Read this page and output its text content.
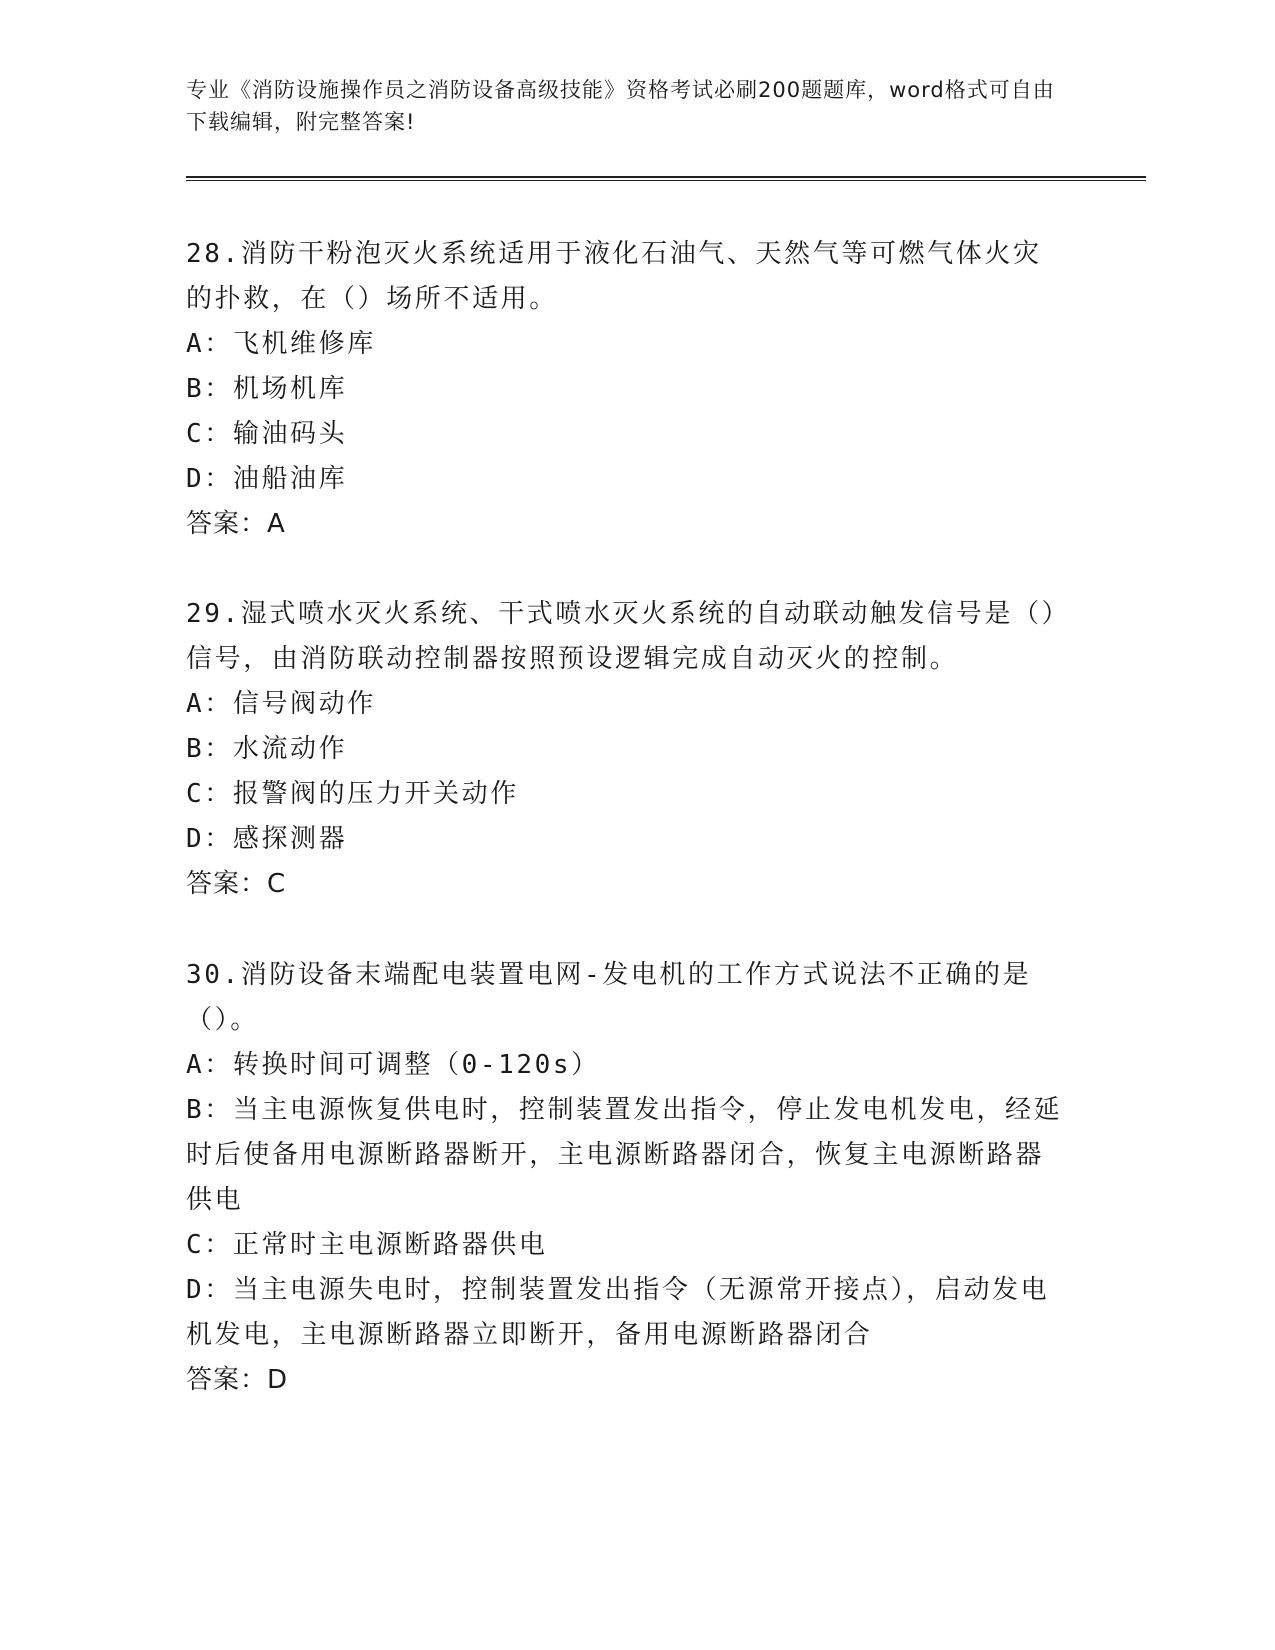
专业《消防设施操作员之消防设备高级技能》资格考试必刷200题题库，word格式可自由下载编辑，附完整答案!

28.消防干粉泡灭火系统适用于液化石油气、天然气等可燃气体火灾的扑救，在（）场所不适用。

A：飞机维修库

B：机场机库

C：输油码头

D：油船油库

答案：A

29.湿式喷水灭火系统、干式喷水灭火系统的自动联动触发信号是（）信号，由消防联动控制器按照预设逻辑完成自动灭火的控制。

A：信号阀动作

B：水流动作

C：报警阀的压力开关动作

D：感探测器

答案：C

30.消防设备末端配电装置电网-发电机的工作方式说法不正确的是（）。

A：转换时间可调整（0-120s）

B：当主电源恢复供电时，控制装置发出指令，停止发电机发电，经延时后使备用电源断路器断开，主电源断路器闭合，恢复主电源断路器供电

C：正常时主电源断路器供电

D：当主电源失电时，控制装置发出指令（无源常开接点），启动发电机发电，主电源断路器立即断开，备用电源断路器闭合

答案：D
